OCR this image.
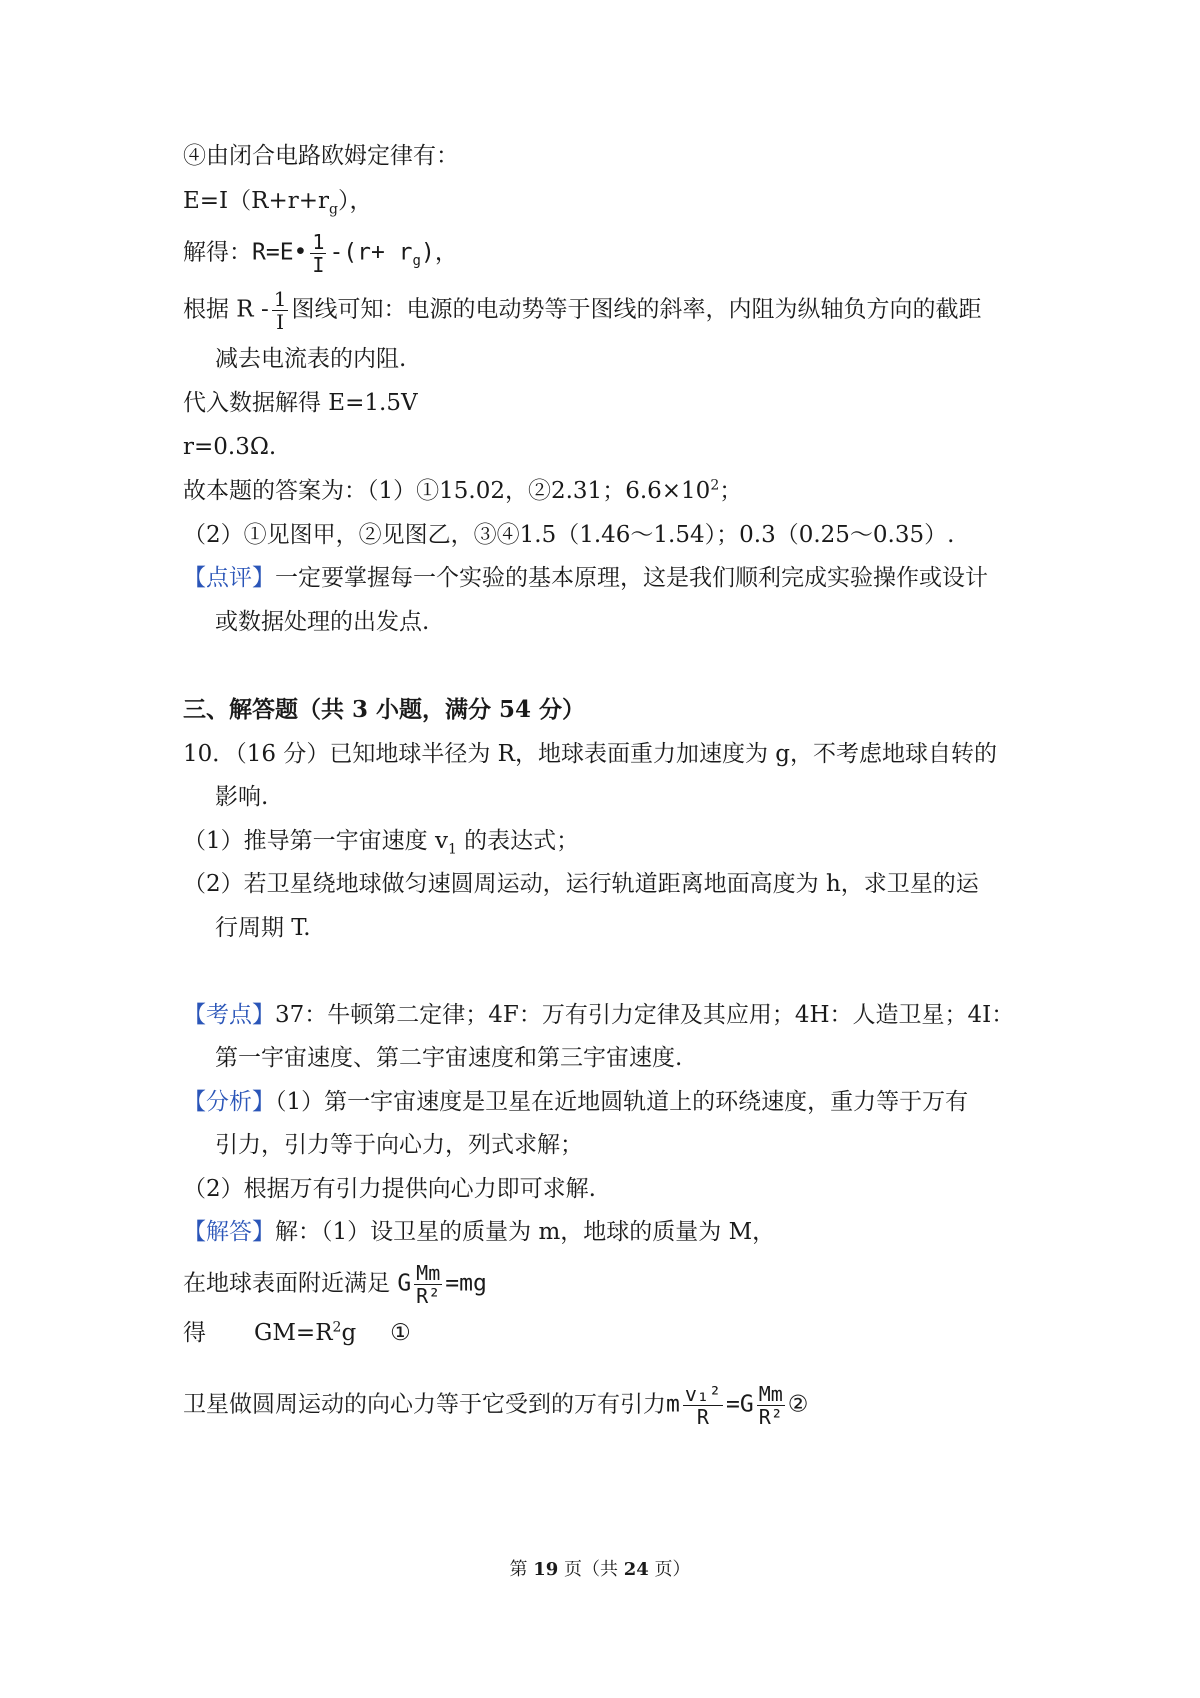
④由闭合电路欧姆定律有：
$E=I(R+r+r_g)$，
解得：R=E• $\frac{1}{I} -(r+ r_g)$，
根据 R - $\frac{1}{I}$ 图线可知：电源的电动势等于图线的斜率，内阻为纵轴负方向的截距
减去电流表的内阻.
代入数据解得 E=1.5V
r=0.3Ω.
故本题的答案为：（1）①15.02，②2.31；$6.6\times 10^2$；
（2）①见图甲，②见图乙，③④1.5（1.46～1.54）；0.3（0.25～0.35）.
【点评】一定要掌握每一个实验的基本原理，这是我们顺利完成实验操作或设计
或数据处理的出发点.
三、解答题（共 3 小题，满分 54 分）
10．（16 分）已知地球半径为 R，地球表面重力加速度为 g，不考虑地球自转的
影响.
（1）推导第一宇宙速度 $v_1$ 的表达式；
（2）若卫星绕地球做匀速圆周运动，运行轨道距离地面高度为 h，求卫星的运
行周期 T.
【考点】37：牛顿第二定律；4F：万有引力定律及其应用；4H：人造卫星；4I：
第一宇宙速度、第二宇宙速度和第三宇宙速度.
【分析】（1）第一宇宙速度是卫星在近地圆轨道上的环绕速度，重力等于万有
引力，引力等于向心力，列式求解；
（2）根据万有引力提供向心力即可求解.
【解答】解：（1）设卫星的质量为 m，地球的质量为 M，
在地球表面附近满足 G $\frac{Mm}{\text{R²}} =mg$
得 $GM=R^2g$ ①
卫星做圆周运动的向心力等于它受到的万有引力m $\frac{\text{v₁²}}{R} =G \frac{Mm}{\text{R²}}$ ②
第 19 页（共 24 页）
